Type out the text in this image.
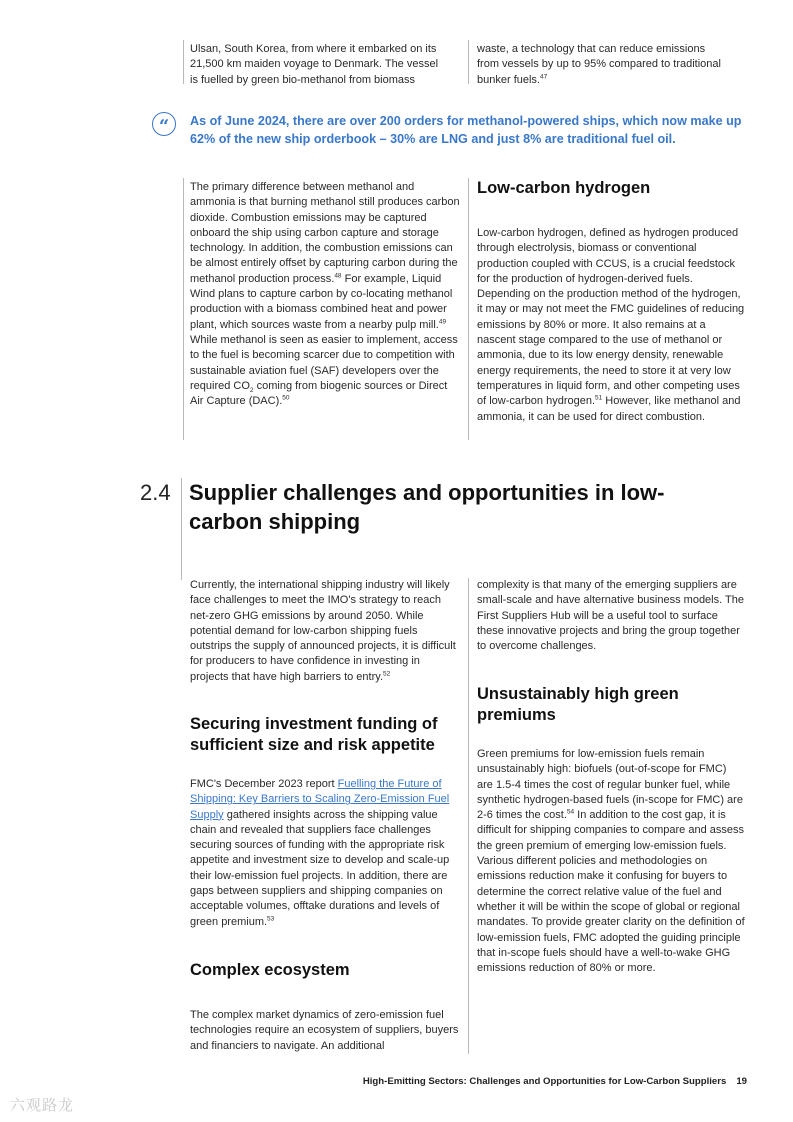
Ulsan, South Korea, from where it embarked on its
21,500 km maiden voyage to Denmark. The vessel
is fuelled by green bio-methanol from biomass
waste, a technology that can reduce emissions
from vessels by up to 95% compared to traditional
bunker fuels.$^{47}$
“	As of June 2024, there are over 200 orders for methanol-powered ships, which now make up 62% of the new ship orderbook – 30% are LNG and just 8% are traditional fuel oil.

The primary difference between methanol and ammonia is that burning methanol still produces carbon dioxide. Combustion emissions may be captured onboard the ship using carbon capture and storage technology. In addition, the combustion emissions can be almost entirely offset by capturing carbon during the methanol production process.$^{48}$ For example, Liquid Wind plans to capture carbon by co-locating methanol production with a biomass combined heat and power plant, which sources waste from a nearby pulp mill.$^{49}$ While methanol is seen as easier to implement, access to the fuel is becoming scarcer due to competition with sustainable aviation fuel (SAF) developers over the required $CO_2$ coming from biogenic sources or Direct Air Capture (DAC).$^{50}$

Low-carbon hydrogen

Low-carbon hydrogen, defined as hydrogen produced through electrolysis, biomass or conventional production coupled with CCUS, is a crucial feedstock for the production of hydrogen-derived fuels. Depending on the production method of the hydrogen, it may or may not meet the FMC guidelines of reducing emissions by 80% or more. It also remains at a nascent stage compared to the use of methanol or ammonia, due to its low energy density, renewable energy requirements, the need to store it at very low temperatures in liquid form, and other competing uses of low-carbon hydrogen.$^{51}$ However, like methanol and ammonia, it can be used for direct combustion.

2.4 Supplier challenges and opportunities in low-carbon shipping

Currently, the international shipping industry will likely face challenges to meet the IMO's strategy to reach net-zero GHG emissions by around 2050. While potential demand for low-carbon shipping fuels outstrips the supply of announced projects, it is difficult for producers to have confidence in investing in projects that have high barriers to entry.$^{52}$

Securing investment funding of sufficient size and risk appetite

FMC's December 2023 report Fuelling the Future of Shipping: Key Barriers to Scaling Zero-Emission Fuel Supply gathered insights across the shipping value chain and revealed that suppliers face challenges securing sources of funding with the appropriate risk appetite and investment size to develop and scale-up their low-emission fuel projects. In addition, there are gaps between suppliers and shipping companies on acceptable volumes, offtake durations and levels of green premium.$^{53}$

Complex ecosystem

The complex market dynamics of zero-emission fuel technologies require an ecosystem of suppliers, buyers and financiers to navigate. An additional

complexity is that many of the emerging suppliers are small-scale and have alternative business models. The First Suppliers Hub will be a useful tool to surface these innovative projects and bring the group together to overcome challenges.

Unsustainably high green premiums

Green premiums for low-emission fuels remain unsustainably high: biofuels (out-of-scope for FMC) are 1.5-4 times the cost of regular bunker fuel, while synthetic hydrogen-based fuels (in-scope for FMC) are 2-6 times the cost.$^{54}$ In addition to the cost gap, it is difficult for shipping companies to compare and assess the green premium of emerging low-emission fuels. Various different policies and methodologies on emissions reduction make it confusing for buyers to determine the correct relative value of the fuel and whether it will be within the scope of global or regional mandates. To provide greater clarity on the definition of low-emission fuels, FMC adopted the guiding principle that in-scope fuels should have a well-to-wake GHG emissions reduction of 80% or more.

High-Emitting Sectors: Challenges and Opportunities for Low-Carbon Suppliers 19
六观路龙
